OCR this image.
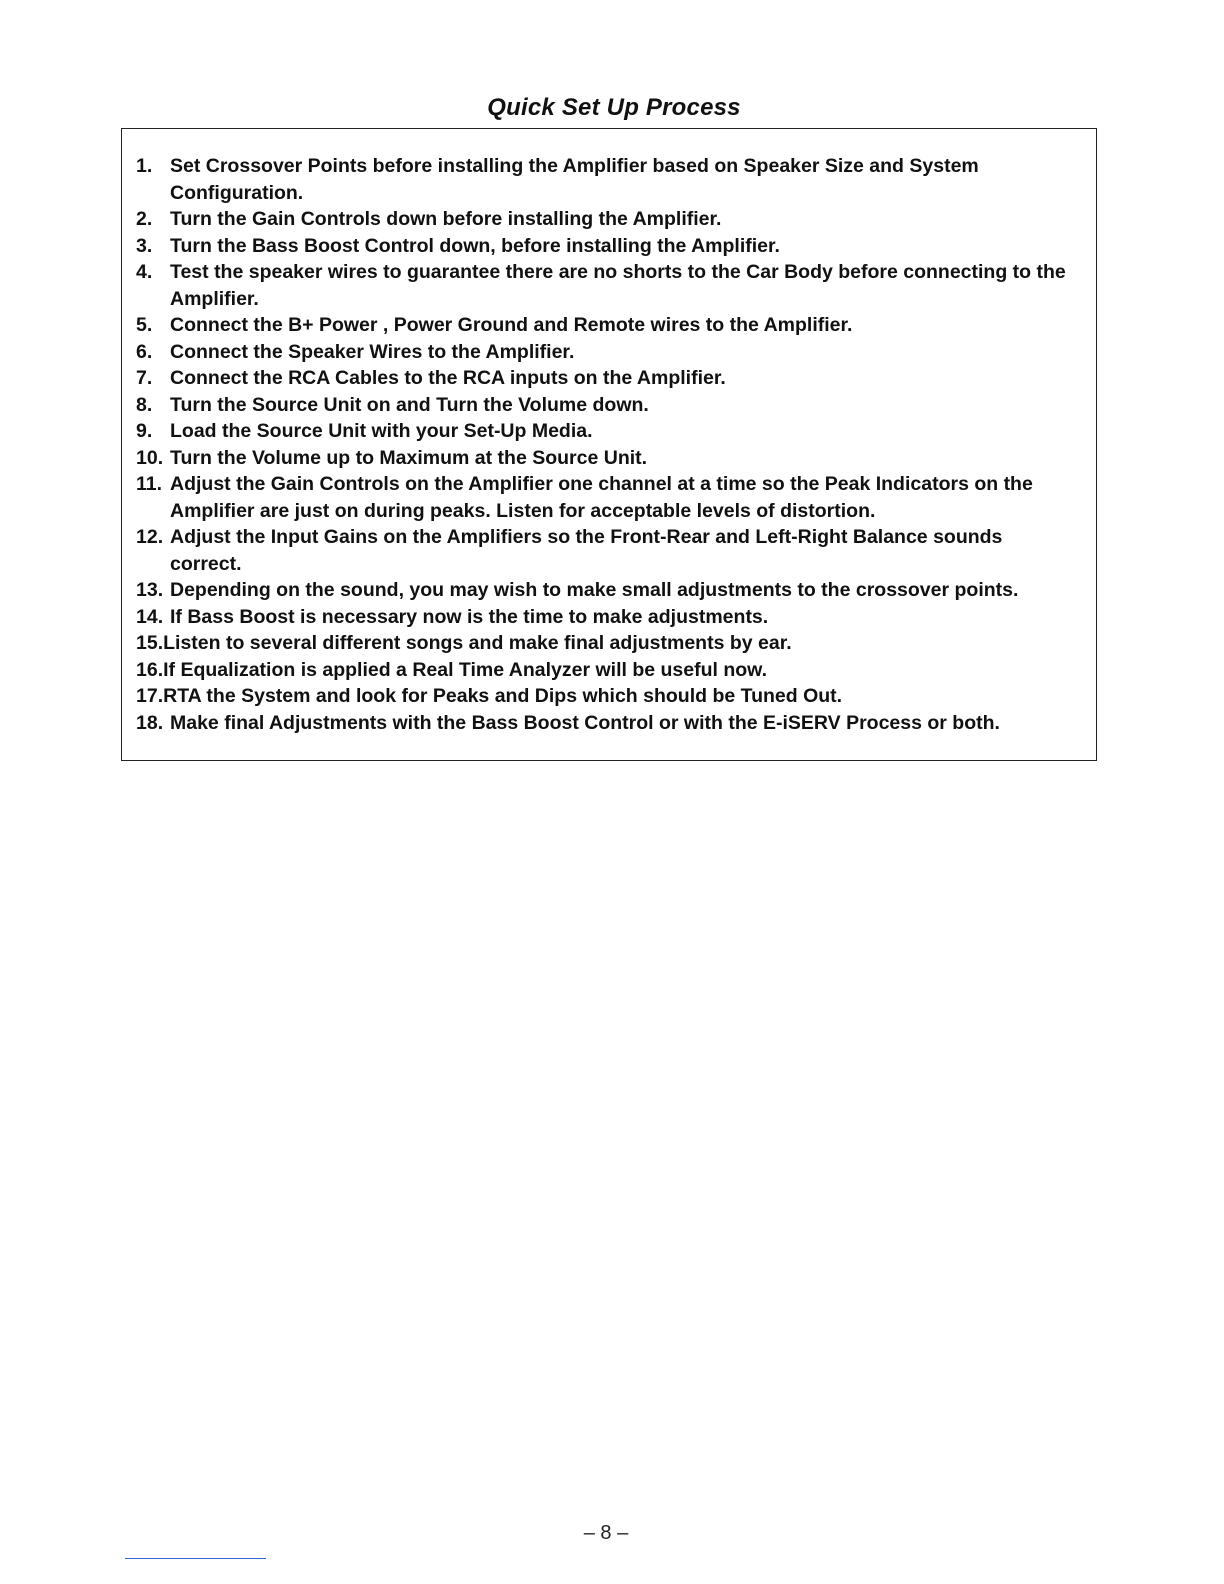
Quick Set Up Process
1. Set Crossover Points before installing the Amplifier based on Speaker Size and System Configuration.
2. Turn the Gain Controls down before installing the Amplifier.
3. Turn the Bass Boost Control down, before installing the Amplifier.
4. Test the speaker wires to guarantee there are no shorts to the Car Body before connecting to the Amplifier.
5. Connect the B+ Power , Power Ground and Remote wires to the Amplifier.
6. Connect the Speaker Wires to the Amplifier.
7. Connect the RCA Cables to the RCA inputs on the Amplifier.
8. Turn the Source Unit on and Turn the Volume down.
9. Load the Source Unit with your Set-Up Media.
10. Turn the Volume up to Maximum at the Source Unit.
11. Adjust the Gain Controls on the Amplifier one channel at a time so the Peak Indicators on the Amplifier are just on during peaks. Listen for acceptable levels of distortion.
12. Adjust the Input Gains on the Amplifiers so the Front-Rear and Left-Right Balance sounds correct.
13. Depending on the sound, you may wish to make small adjustments to the crossover points.
14. If Bass Boost is necessary now is the time to make adjustments.
15.Listen to several different songs and make final adjustments by ear.
16.If Equalization is applied a Real Time Analyzer will be useful now.
17.RTA the System and look for Peaks and Dips which should be Tuned Out.
18. Make final Adjustments with the Bass Boost Control or with the E-iSERV Process or both.
– 8 –
